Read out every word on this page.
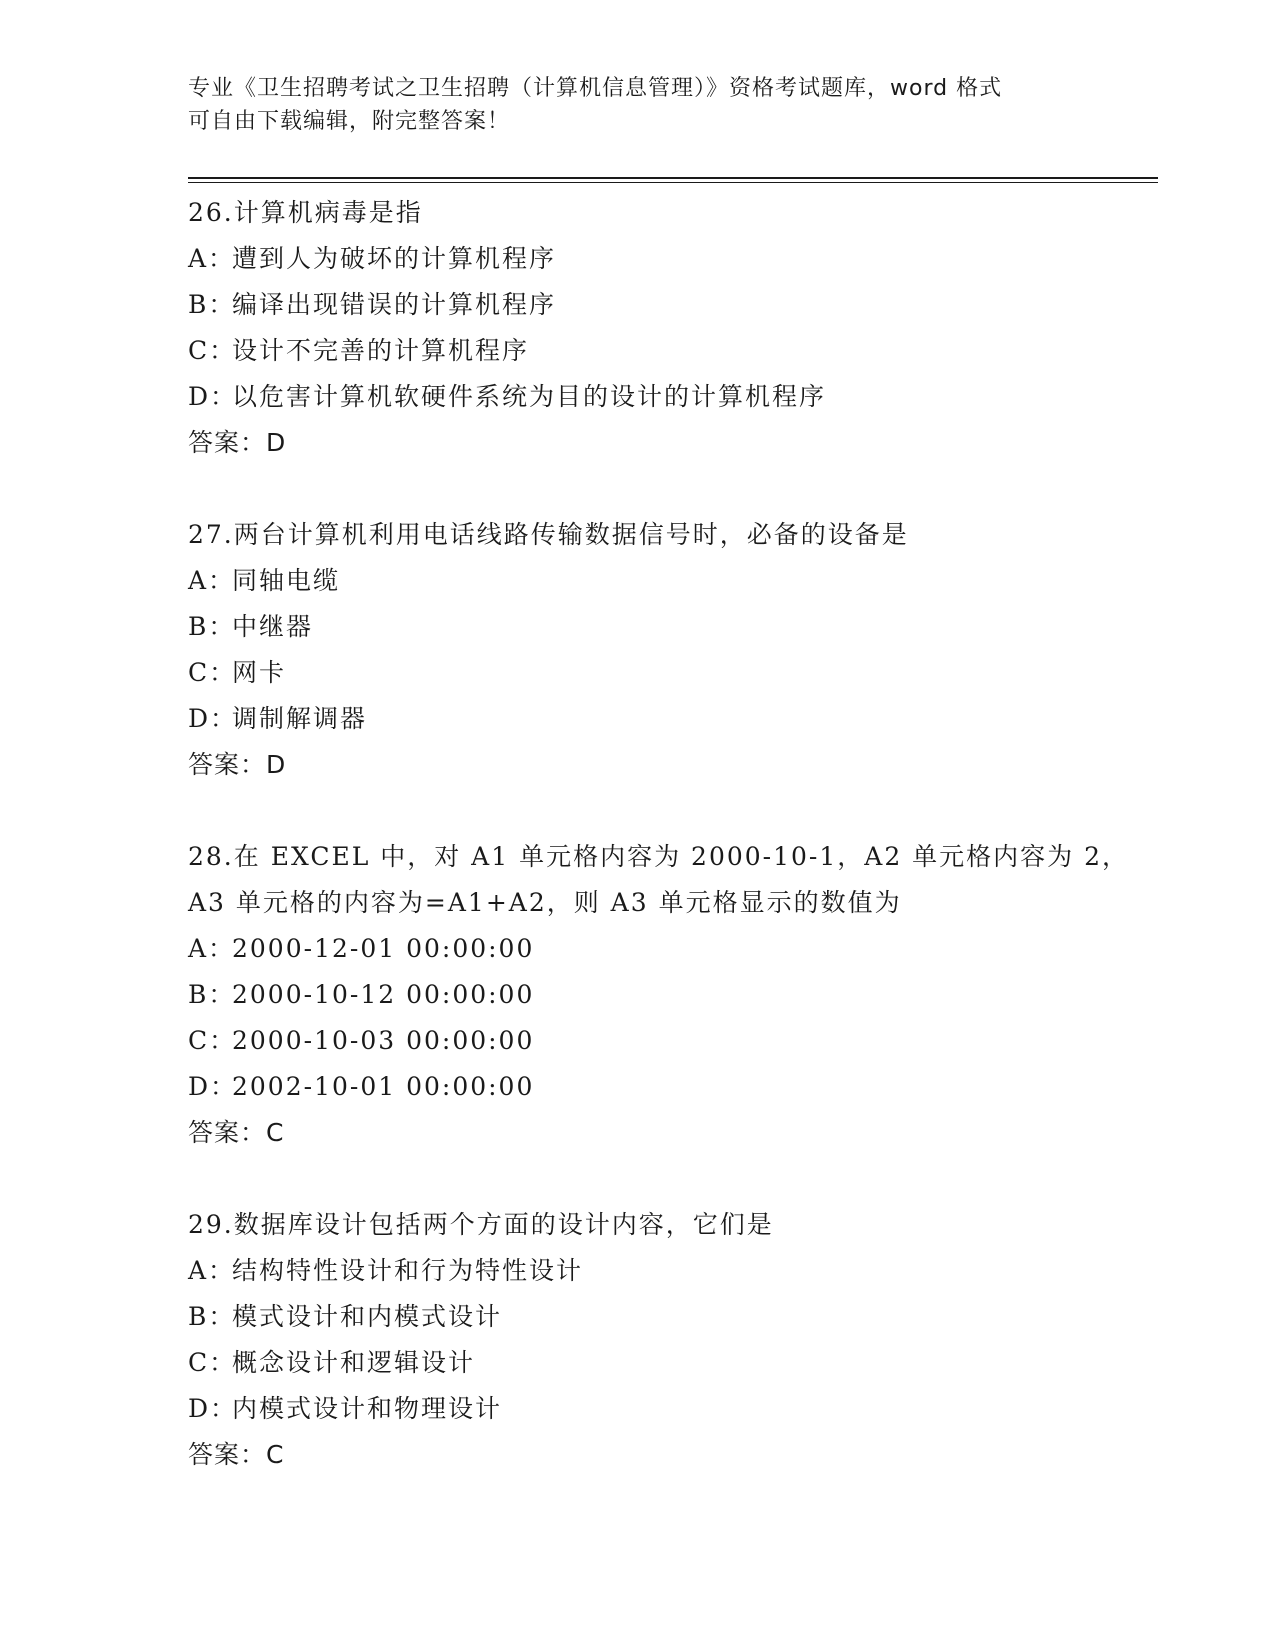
专业《卫生招聘考试之卫生招聘（计算机信息管理）》资格考试题库，word 格式
可自由下载编辑，附完整答案！
26.计算机病毒是指
A：遭到人为破坏的计算机程序
B：编译出现错误的计算机程序
C：设计不完善的计算机程序
D：以危害计算机软硬件系统为目的设计的计算机程序
答案：D
27.两台计算机利用电话线路传输数据信号时，必备的设备是
A：同轴电缆
B：中继器
C：网卡
D：调制解调器
答案：D
28.在 EXCEL 中，对 A1 单元格内容为 2000-10-1，A2 单元格内容为 2，
A3 单元格的内容为=A1+A2，则 A3 单元格显示的数值为
A：2000-12-01 00:00:00
B：2000-10-12 00:00:00
C：2000-10-03 00:00:00
D：2002-10-01 00:00:00
答案：C
29.数据库设计包括两个方面的设计内容，它们是
A：结构特性设计和行为特性设计
B：模式设计和内模式设计
C：概念设计和逻辑设计
D：内模式设计和物理设计
答案：C
